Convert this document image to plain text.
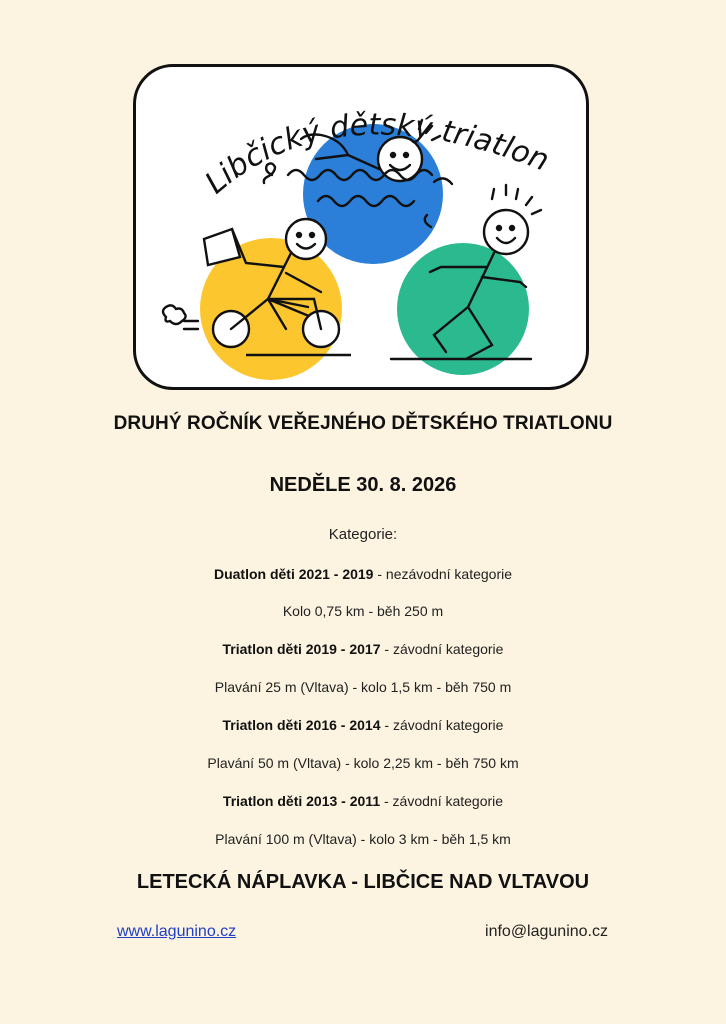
Libčický dětský triatlon
DRUHÝ ROČNÍK VEŘEJNÉHO DĚTSKÉHO TRIATLONU
NEDĚLE 30. 8. 2026
Kategorie:
Duatlon děti 2021 - 2019 - nezávodní kategorie
Kolo 0,75 km - běh 250 m
Triatlon děti 2019 - 2017 - závodní kategorie
Plavání 25 m (Vltava) - kolo 1,5 km - běh 750 m
Triatlon děti 2016 - 2014 - závodní kategorie
Plavání 50 m (Vltava) - kolo 2,25 km - běh 750 km
Triatlon děti 2013 - 2011 - závodní kategorie
Plavání 100 m (Vltava) - kolo 3 km - běh 1,5 km
LETECKÁ NÁPLAVKA - LIBČICE NAD VLTAVOU
www.lagunino.cz	info@lagunino.cz
